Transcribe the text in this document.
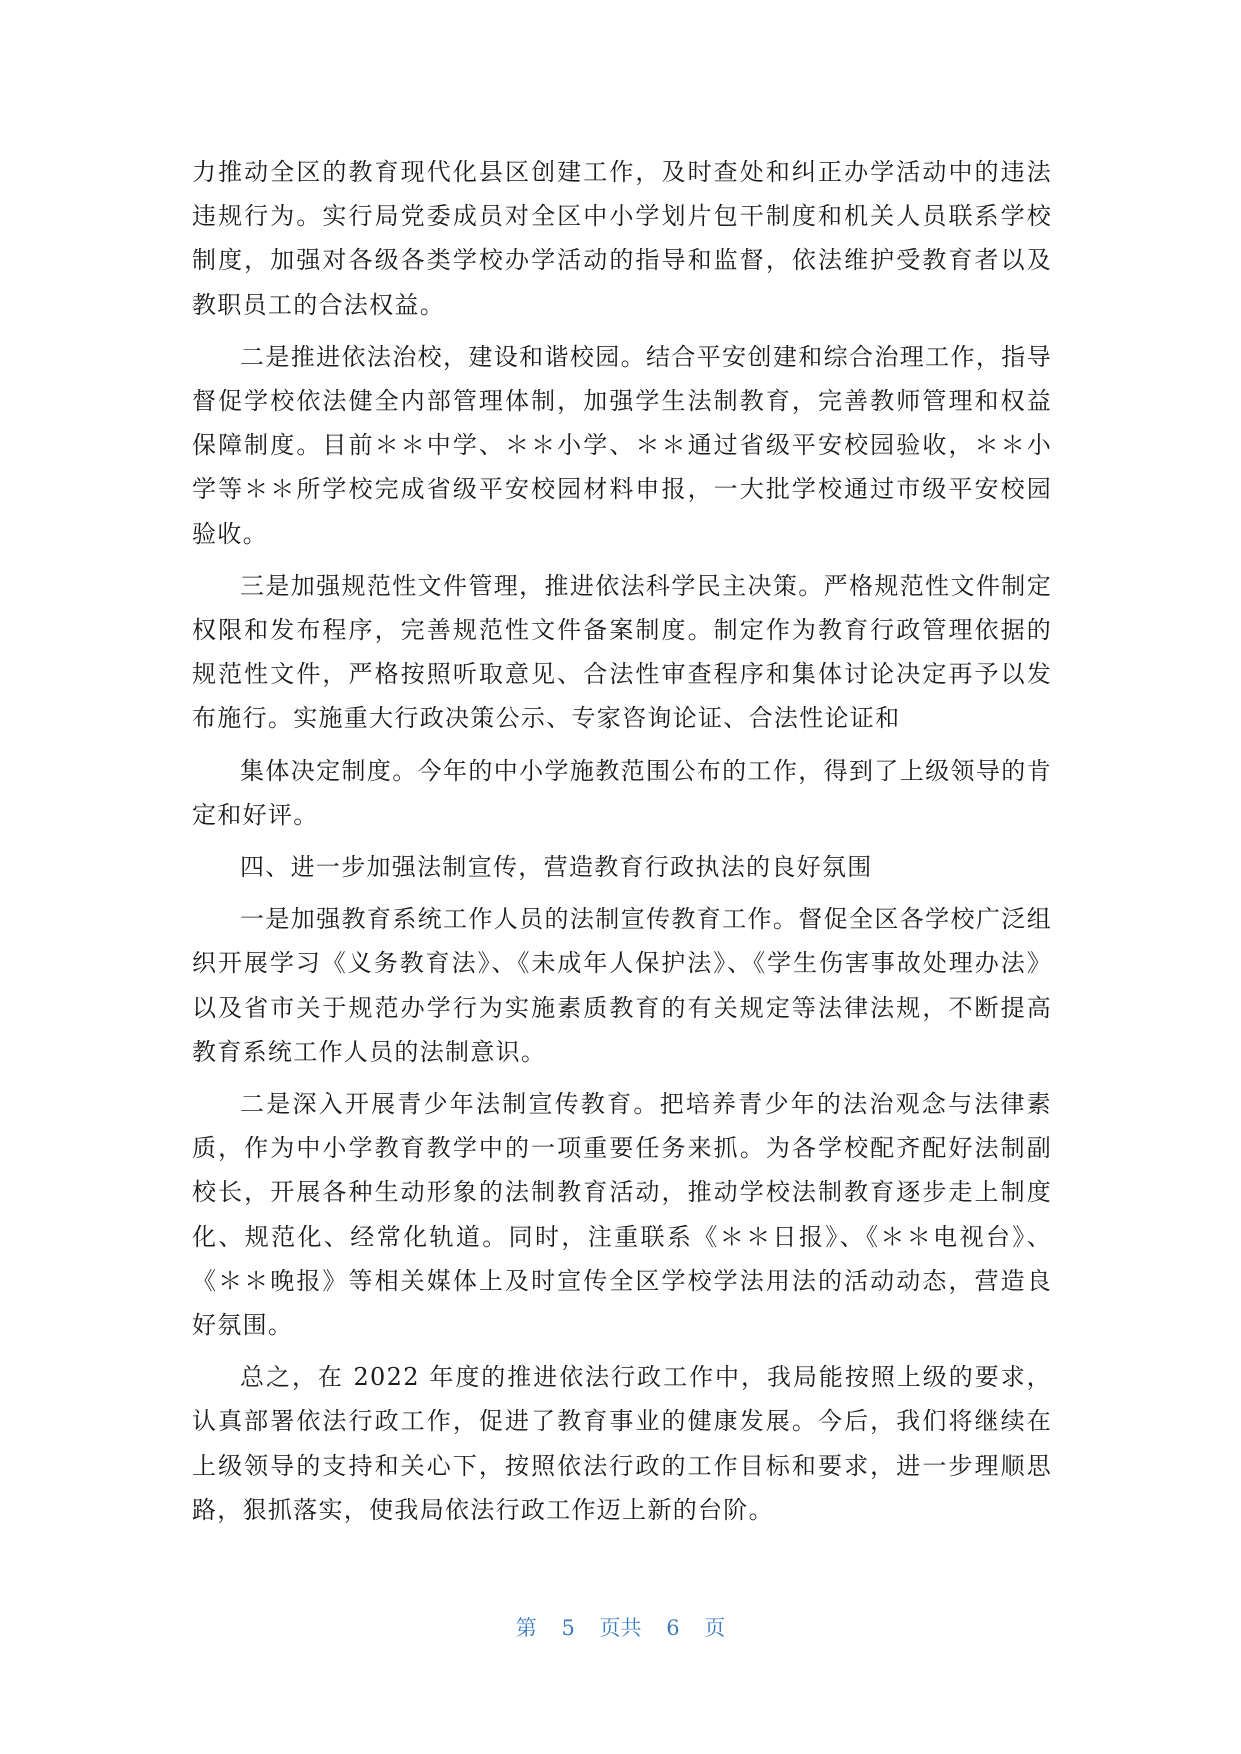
力推动全区的教育现代化县区创建工作，及时查处和纠正办学活动中的违法违规行为。实行局党委成员对全区中小学划片包干制度和机关人员联系学校制度，加强对各级各类学校办学活动的指导和监督，依法维护受教育者以及教职员工的合法权益。

二是推进依法治校，建设和谐校园。结合平安创建和综合治理工作，指导督促学校依法健全内部管理体制，加强学生法制教育，完善教师管理和权益保障制度。目前＊＊中学、＊＊小学、＊＊通过省级平安校园验收，＊＊小学等＊＊所学校完成省级平安校园材料申报，一大批学校通过市级平安校园验收。

三是加强规范性文件管理，推进依法科学民主决策。严格规范性文件制定权限和发布程序，完善规范性文件备案制度。制定作为教育行政管理依据的规范性文件，严格按照听取意见、合法性审查程序和集体讨论决定再予以发布施行。实施重大行政决策公示、专家咨询论证、合法性论证和

集体决定制度。今年的中小学施教范围公布的工作，得到了上级领导的肯定和好评。

四、进一步加强法制宣传，营造教育行政执法的良好氛围

一是加强教育系统工作人员的法制宣传教育工作。督促全区各学校广泛组织开展学习《义务教育法》、《未成年人保护法》、《学生伤害事故处理办法》以及省市关于规范办学行为实施素质教育的有关规定等法律法规，不断提高教育系统工作人员的法制意识。

二是深入开展青少年法制宣传教育。把培养青少年的法治观念与法律素质，作为中小学教育教学中的一项重要任务来抓。为各学校配齐配好法制副校长，开展各种生动形象的法制教育活动，推动学校法制教育逐步走上制度化、规范化、经常化轨道。同时，注重联系《＊＊日报》、《＊＊电视台》、《＊＊晚报》等相关媒体上及时宣传全区学校学法用法的活动动态，营造良好氛围。

总之，在 2022 年度的推进依法行政工作中，我局能按照上级的要求，认真部署依法行政工作，促进了教育事业的健康发展。今后，我们将继续在上级领导的支持和关心下，按照依法行政的工作目标和要求，进一步理顺思路，狠抓落实，使我局依法行政工作迈上新的台阶。

第 5 页共 6 页
